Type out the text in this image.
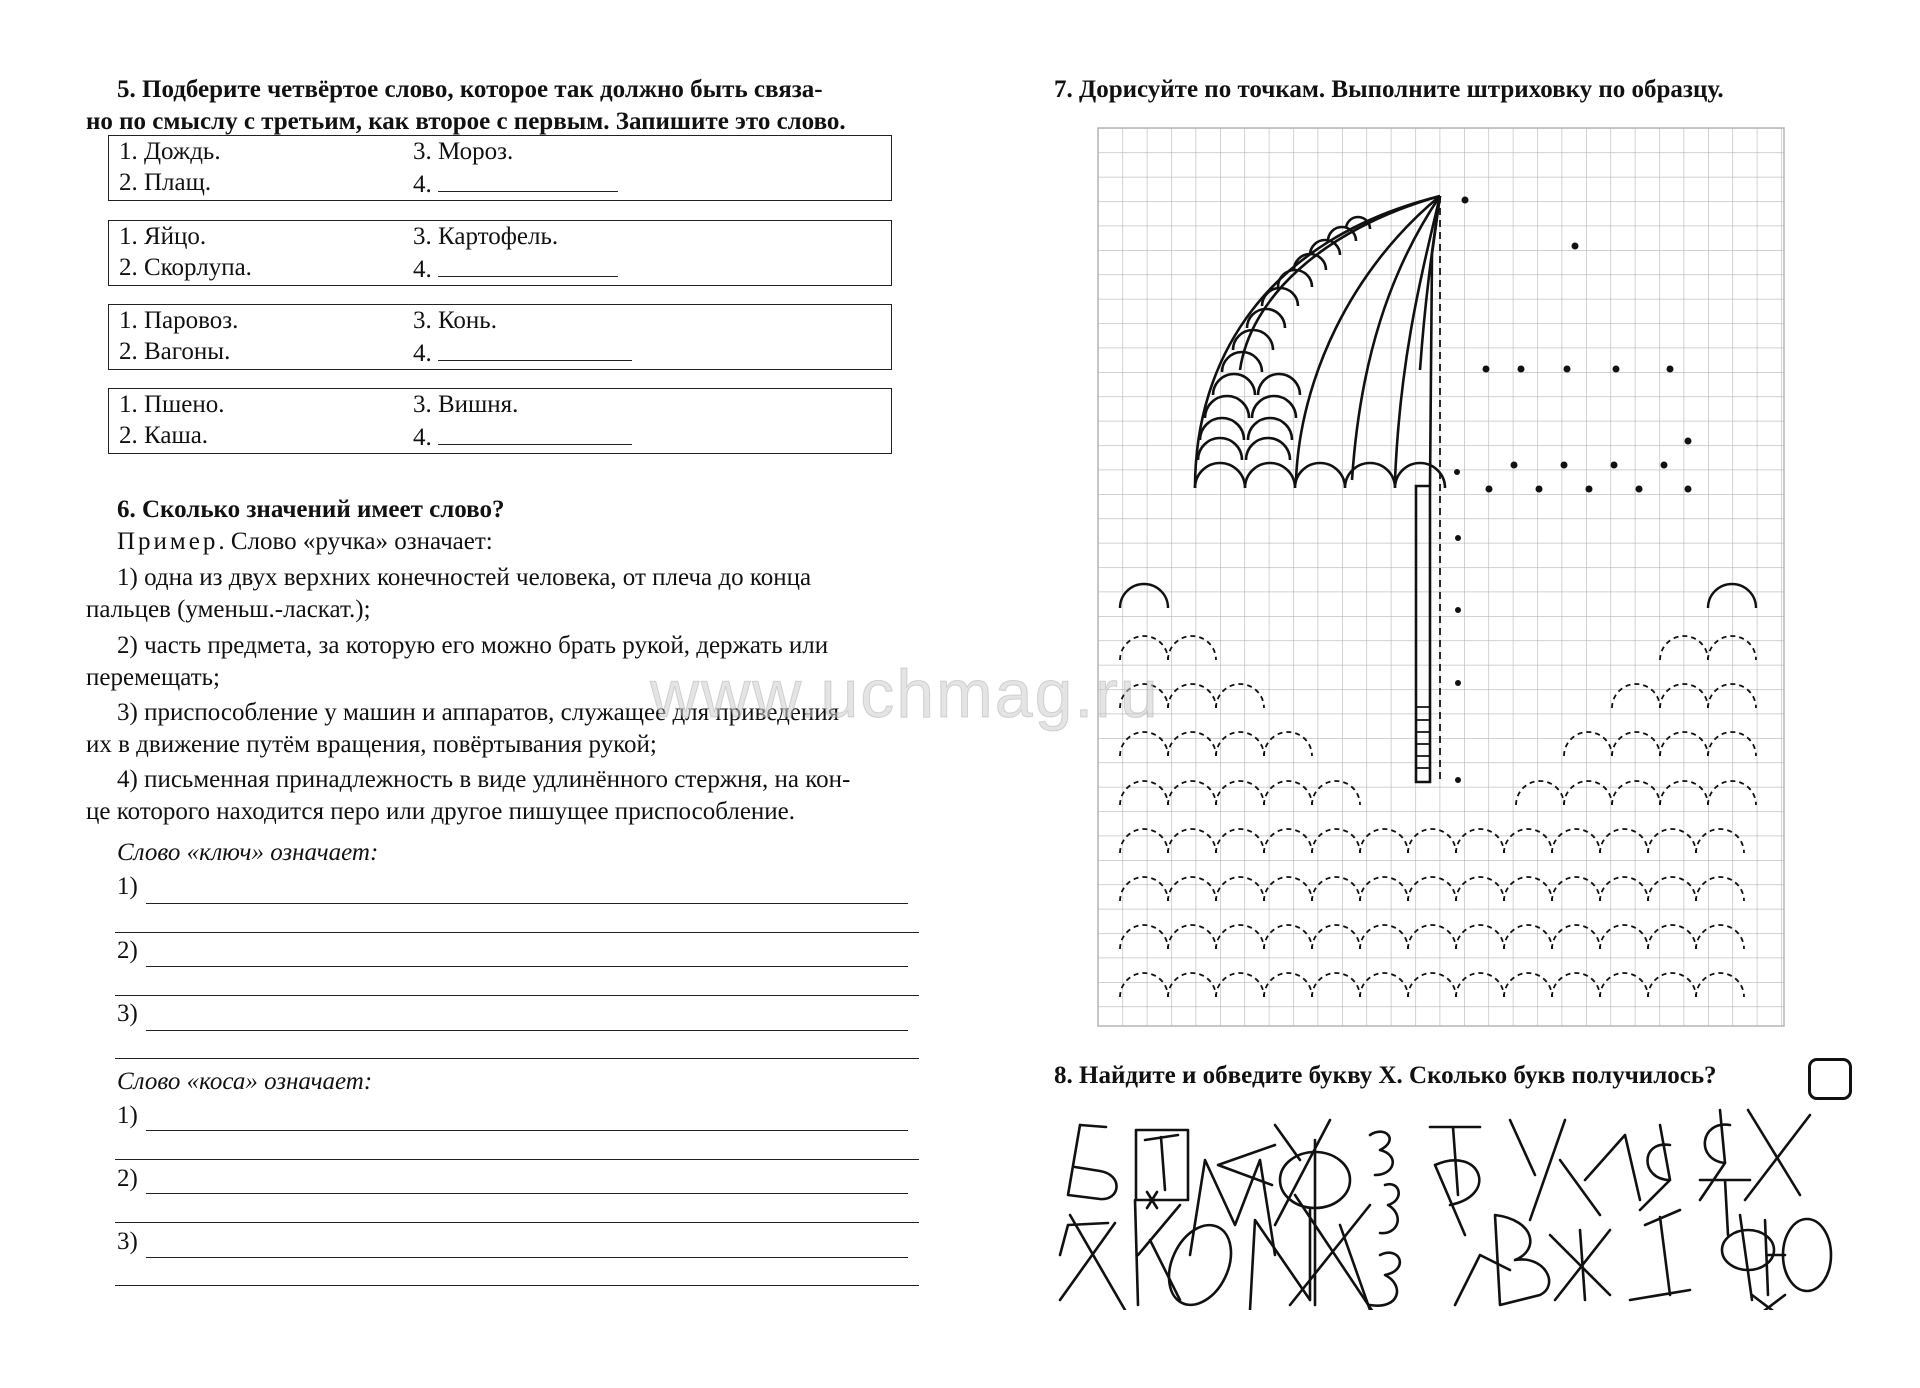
5. Подберите четвёртое слово, которое так должно быть связа-
но по смыслу с третьим, как второе с первым. Запишите это слово.
1. Дождь.
2. Плащ.
3. Мороз.
4.
1. Яйцо.
2. Скорлупа.
3. Картофель.
4.
1. Паровоз.
2. Вагоны.
3. Конь.
4.
1. Пшено.
2. Каша.
3. Вишня.
4.
6. Сколько значений имеет слово?
Пример. Слово «ручка» означает:
1) одна из двух верхних конечностей человека, от плеча до конца
пальцев (уменьш.-ласкат.);
2) часть предмета, за которую его можно брать рукой, держать или
перемещать;
3) приспособление у машин и аппаратов, служащее для приведения
их в движение путём вращения, повёртывания рукой;
4) письменная принадлежность в виде удлинённого стержня, на кон-
це которого находится перо или другое пишущее приспособление.
Слово «ключ» означает:
1)
2)
3)
Слово «коса» означает:
1)
2)
3)
7. Дорисуйте по точкам. Выполните штриховку по образцу.
8. Найдите и обведите букву Х. Сколько букв получилось?
www.uchmag.ru
